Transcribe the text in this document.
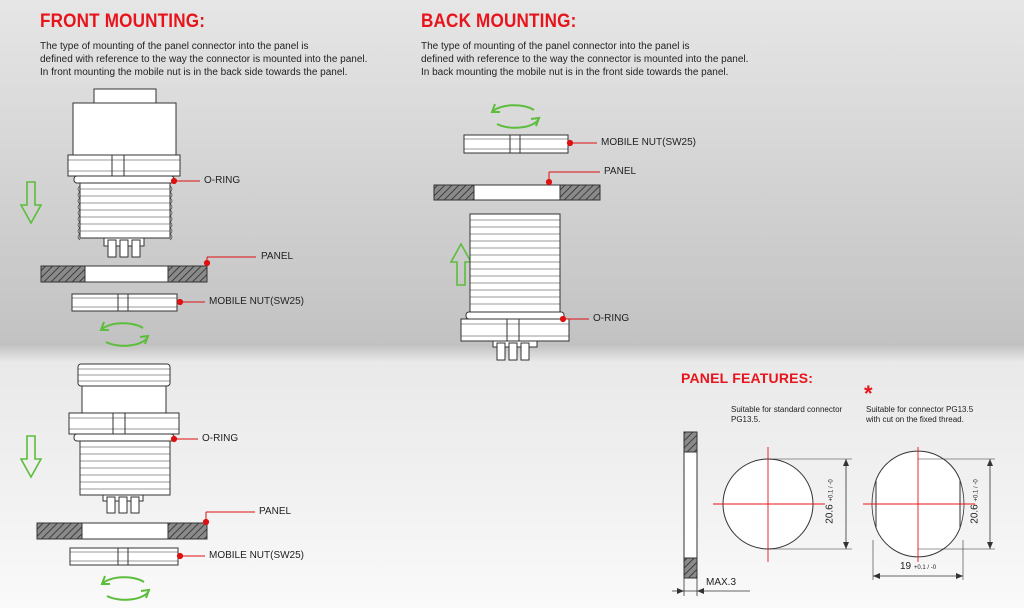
FRONT MOUNTING:
The type of mounting of the panel connector into the panel is
defined with reference to the way the connector is mounted into the panel.
In front mounting the mobile nut is in the back side towards the panel.
BACK MOUNTING:
The type of mounting of the panel connector into the panel is
defined with reference to the way the connector is mounted into the panel.
In back mounting the mobile nut is in the front side towards the panel.
O-RING
PANEL
MOBILE NUT(SW25)
O-RING
PANEL
MOBILE NUT(SW25)
MOBILE NUT(SW25)
PANEL
O-RING
PANEL FEATURES:
*
Suitable for standard connector
PG13.5.
Suitable for connector PG13.5
with cut on the fixed thread.
MAX.3
20.6 +0.1 / -0
20.6 +0.1 / -0
19 +0.1 / -0
